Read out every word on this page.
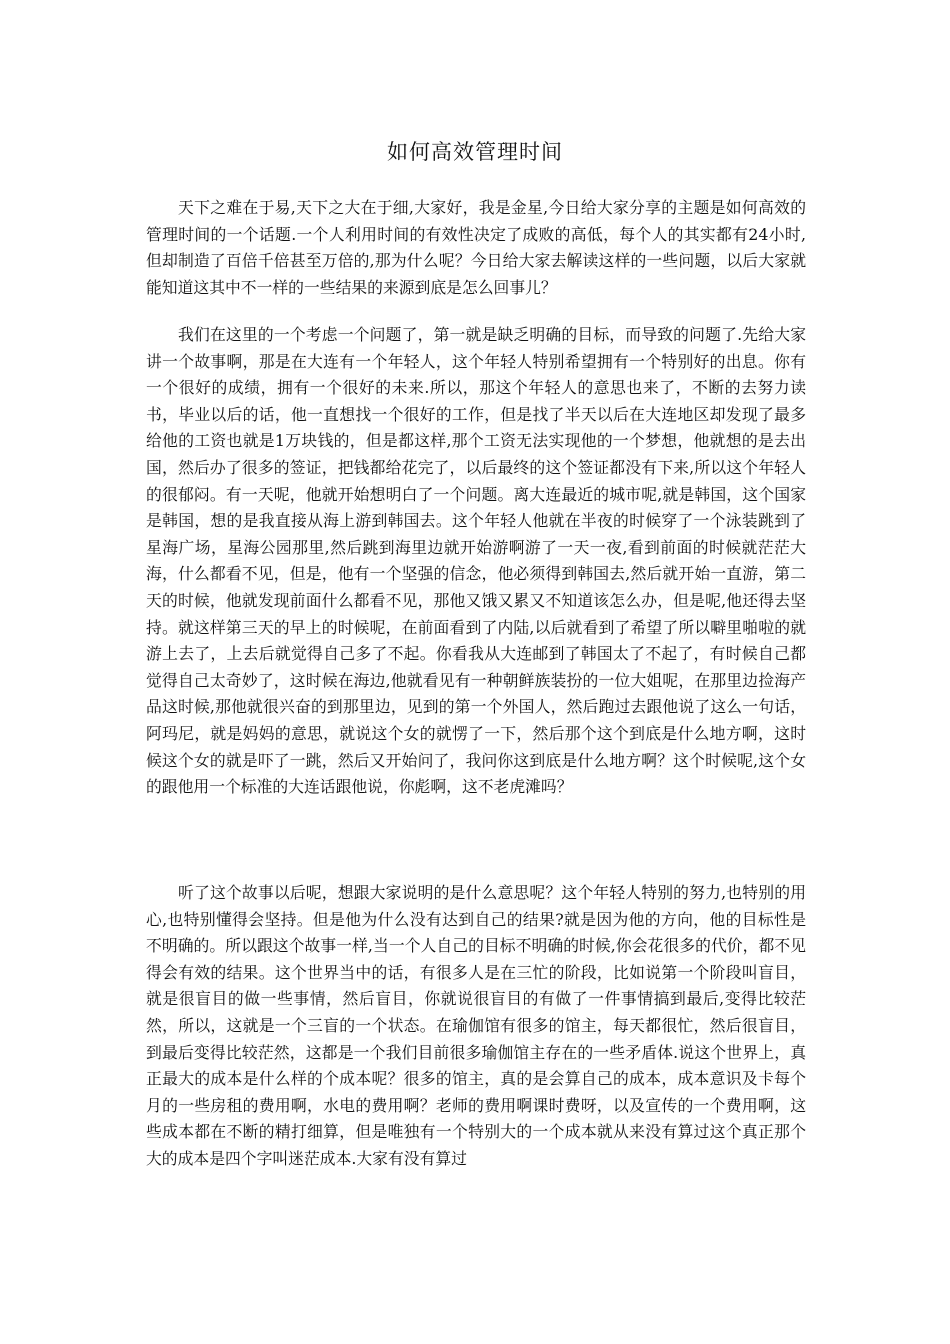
如何高效管理时间

天下之难在于易,天下之大在于细,大家好，我是金星,今日给大家分享的主题是如何高效的管理时间的一个话题.一个人利用时间的有效性决定了成败的高低，每个人的其实都有24小时,但却制造了百倍千倍甚至万倍的,那为什么呢？今日给大家去解读这样的一些问题，以后大家就能知道这其中不一样的一些结果的来源到底是怎么回事儿？

我们在这里的一个考虑一个问题了，第一就是缺乏明确的目标，而导致的问题了.先给大家讲一个故事啊，那是在大连有一个年轻人，这个年轻人特别希望拥有一个特别好的出息。你有一个很好的成绩，拥有一个很好的未来.所以，那这个年轻人的意思也来了，不断的去努力读书，毕业以后的话，他一直想找一个很好的工作，但是找了半天以后在大连地区却发现了最多给他的工资也就是1万块钱的，但是都这样,那个工资无法实现他的一个梦想，他就想的是去出国，然后办了很多的签证，把钱都给花完了，以后最终的这个签证都没有下来,所以这个年轻人的很郁闷。有一天呢，他就开始想明白了一个问题。离大连最近的城市呢,就是韩国，这个国家是韩国，想的是我直接从海上游到韩国去。这个年轻人他就在半夜的时候穿了一个泳装跳到了星海广场，星海公园那里,然后跳到海里边就开始游啊游了一天一夜,看到前面的时候就茫茫大海，什么都看不见，但是，他有一个坚强的信念，他必须得到韩国去,然后就开始一直游，第二天的时候，他就发现前面什么都看不见，那他又饿又累又不知道该怎么办，但是呢,他还得去坚持。就这样第三天的早上的时候呢，在前面看到了内陆,以后就看到了希望了所以噼里啪啦的就游上去了，上去后就觉得自己多了不起。你看我从大连邮到了韩国太了不起了，有时候自己都觉得自己太奇妙了，这时候在海边,他就看见有一种朝鲜族装扮的一位大姐呢，在那里边捡海产品这时候,那他就很兴奋的到那里边，见到的第一个外国人，然后跑过去跟他说了这么一句话，阿玛尼，就是妈妈的意思，就说这个女的就愣了一下，然后那个这个到底是什么地方啊，这时候这个女的就是吓了一跳，然后又开始问了，我问你这到底是什么地方啊？这个时候呢,这个女的跟他用一个标准的大连话跟他说，你彪啊，这不老虎滩吗？

听了这个故事以后呢，想跟大家说明的是什么意思呢？这个年轻人特别的努力,也特别的用心,也特别懂得会坚持。但是他为什么没有达到自己的结果?就是因为他的方向，他的目标性是不明确的。所以跟这个故事一样,当一个人自己的目标不明确的时候,你会花很多的代价，都不见得会有效的结果。这个世界当中的话，有很多人是在三忙的阶段，比如说第一个阶段叫盲目，就是很盲目的做一些事情，然后盲目，你就说很盲目的有做了一件事情搞到最后,变得比较茫然，所以，这就是一个三盲的一个状态。在瑜伽馆有很多的馆主，每天都很忙，然后很盲目，到最后变得比较茫然，这都是一个我们目前很多瑜伽馆主存在的一些矛盾体.说这个世界上，真正最大的成本是什么样的个成本呢？很多的馆主，真的是会算自己的成本，成本意识及卡每个月的一些房租的费用啊，水电的费用啊？老师的费用啊课时费呀，以及宣传的一个费用啊，这些成本都在不断的精打细算，但是唯独有一个特别大的一个成本就从来没有算过这个真正那个大的成本是四个字叫迷茫成本.大家有没有算过
